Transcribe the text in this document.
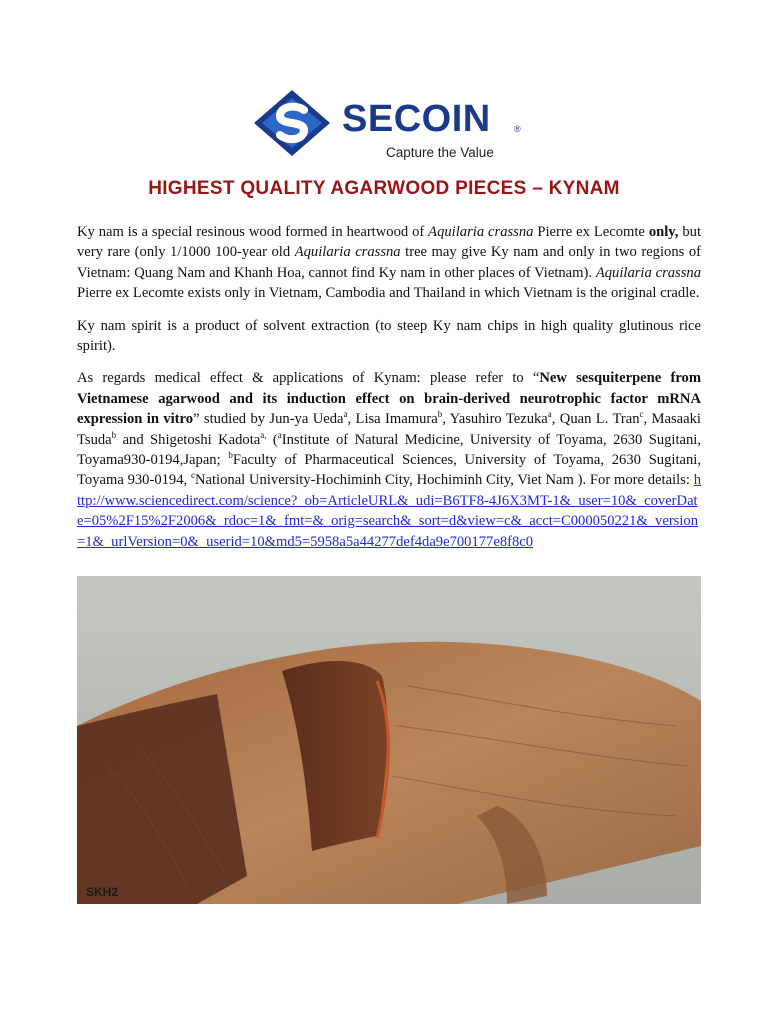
SECOIN	®
Capture the Value
HIGHEST QUALITY AGARWOOD PIECES – KYNAM

Ky nam is a special resinous wood formed in heartwood of Aquilaria crassna Pierre ex Lecomte only, but very rare (only 1/1000 100-year old Aquilaria crassna tree may give Ky nam and only in two regions of Vietnam: Quang Nam and Khanh Hoa, cannot find Ky nam in other places of Vietnam). Aquilaria crassna Pierre ex Lecomte exists only in Vietnam, Cambodia and Thailand in which Vietnam is the original cradle.

Ky nam spirit is a product of solvent extraction (to steep Ky nam chips in high quality glutinous rice spirit).

As regards medical effect & applications of Kynam: please refer to “New sesquiterpene from Vietnamese agarwood and its induction effect on brain-derived neurotrophic factor mRNA expression in vitro” studied by Jun-ya Ueda$^a$, Lisa Imamura$^b$, Yasuhiro Tezuka$^a$, Quan L. Tran$^c$, Masaaki Tsuda$^b$ and Shigetoshi Kadota$^{a,}$ ($^a$Institute of Natural Medicine, University of Toyama, 2630 Sugitani, Toyama930-0194,Japan; $^b$Faculty of Pharmaceutical Sciences, University of Toyama, 2630 Sugitani, Toyama 930-0194, $^c$National University-Hochiminh City, Hochiminh City, Viet Nam ). For more details: http://www.sciencedirect.com/science?_ob=ArticleURL&_udi=B6TF8-4J6X3MT-1&_user=10&_coverDate=05%2F15%2F2006&_rdoc=1&_fmt=&_orig=search&_sort=d&view=c&_acct=C000050221&_version=1&_urlVersion=0&_userid=10&md5=5958a5a44277def4da9e700177e8f8c0

SKH2
